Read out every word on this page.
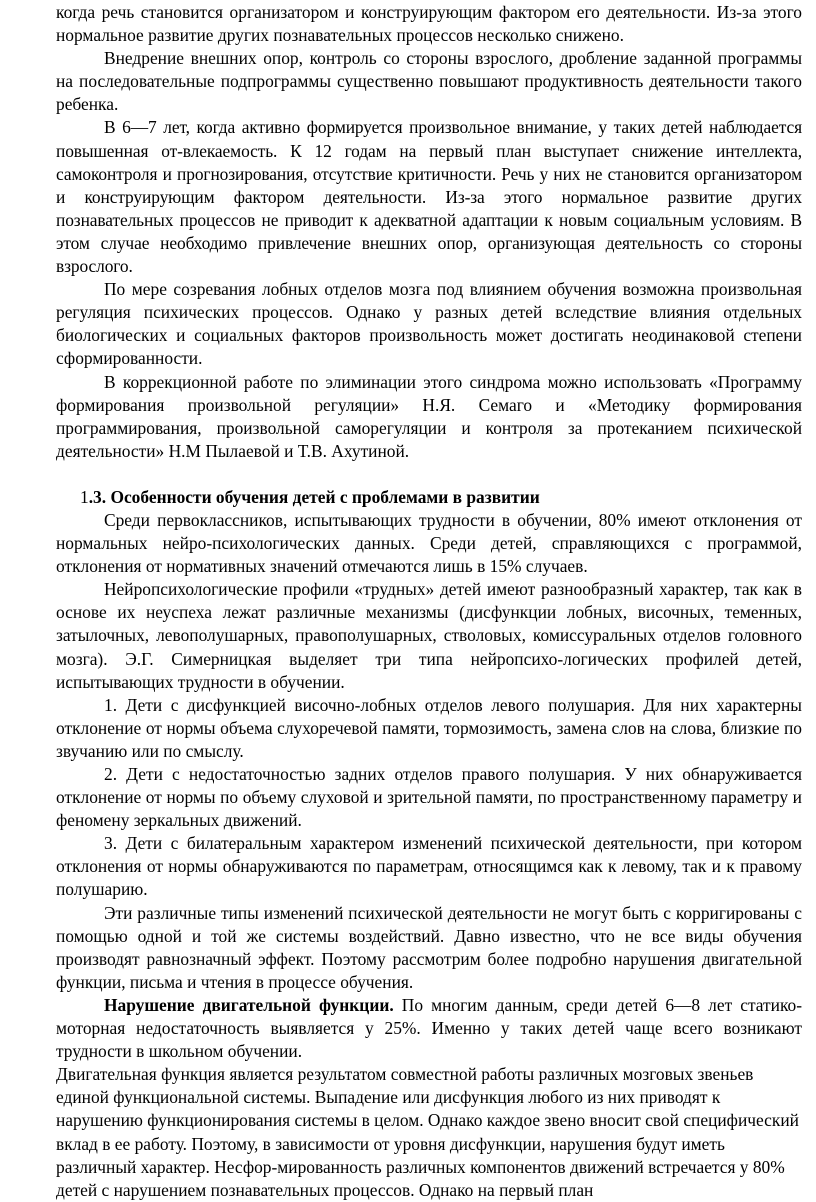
когда речь становится организатором и конструирующим фактором его деятельности. Из-за этого нормальное развитие других познавательных процессов несколько снижено.

Внедрение внешних опор, контроль со стороны взрослого, дробление заданной программы на последовательные подпрограммы существенно повышают продуктивность деятельности такого ребенка.

В 6—7 лет, когда активно формируется произвольное внимание, у таких детей наблюдается повышенная от-влекаемость. К 12 годам на первый план выступает снижение интеллекта, самоконтроля и прогнозирования, отсутствие критичности. Речь у них не становится организатором и конструирующим фактором деятельности. Из-за этого нормальное развитие других познавательных процессов не приводит к адекватной адаптации к новым социальным условиям. В этом случае необходимо привлечение внешних опор, организующая деятельность со стороны взрослого.

По мере созревания лобных отделов мозга под влиянием обучения возможна произвольная регуляция психических процессов. Однако у разных детей вследствие влияния отдельных биологических и социальных факторов произвольность может достигать неодинаковой степени сформированности.

В коррекционной работе по элиминации этого синдрома можно использовать «Программу формирования произвольной регуляции» Н.Я. Семаго и «Методику формирования программирования, произвольной саморегуляции и контроля за протеканием психической деятельности» Н.М Пылаевой и Т.В. Ахутиной.

1.3. Особенности обучения детей с проблемами в развитии

Среди первоклассников, испытывающих трудности в обучении, 80% имеют отклонения от нормальных нейро-психологических данных. Среди детей, справляющихся с программой, отклонения от нормативных значений отмечаются лишь в 15% случаев.

Нейропсихологические профили «трудных» детей имеют разнообразный характер, так как в основе их неуспеха лежат различные механизмы (дисфункции лобных, височных, теменных, затылочных, левополушарных, правополушарных, стволовых, комиссуральных отделов головного мозга). Э.Г. Симерницкая выделяет три типа нейропсихо-логических профилей детей, испытывающих трудности в обучении.

1. Дети с дисфункцией височно-лобных отделов левого полушария. Для них характерны отклонение от нормы объема слухоречевой памяти, тормозимость, замена слов на слова, близкие по звучанию или по смыслу.

2. Дети с недостаточностью задних отделов правого полушария. У них обнаруживается отклонение от нормы по объему слуховой и зрительной памяти, по пространственному параметру и феномену зеркальных движений.

3. Дети с билатеральным характером изменений психической деятельности, при котором отклонения от нормы обнаруживаются по параметрам, относящимся как к левому, так и к правому полушарию.

Эти различные типы изменений психической деятельности не могут быть с корригированы с помощью одной и той же системы воздействий. Давно известно, что не все виды обучения производят равнозначный эффект. Поэтому рассмотрим более подробно нарушения двигательной функции, письма и чтения в процессе обучения.

Нарушение двигательной функции. По многим данным, среди детей 6—8 лет статико-моторная недостаточность выявляется у 25%. Именно у таких детей чаще всего возникают трудности в школьном обучении.

Двигательная функция является результатом совместной работы различных мозговых звеньев единой функциональной системы. Выпадение или дисфункция любого из них приводят к нарушению функционирования системы в целом. Однако каждое звено вносит свой специфический вклад в ее работу. Поэтому, в зависимости от уровня дисфункции, нарушения будут иметь различный характер. Несфор-мированность различных компонентов движений встречается у 80% детей с нарушением познавательных процессов. Однако на первый план
